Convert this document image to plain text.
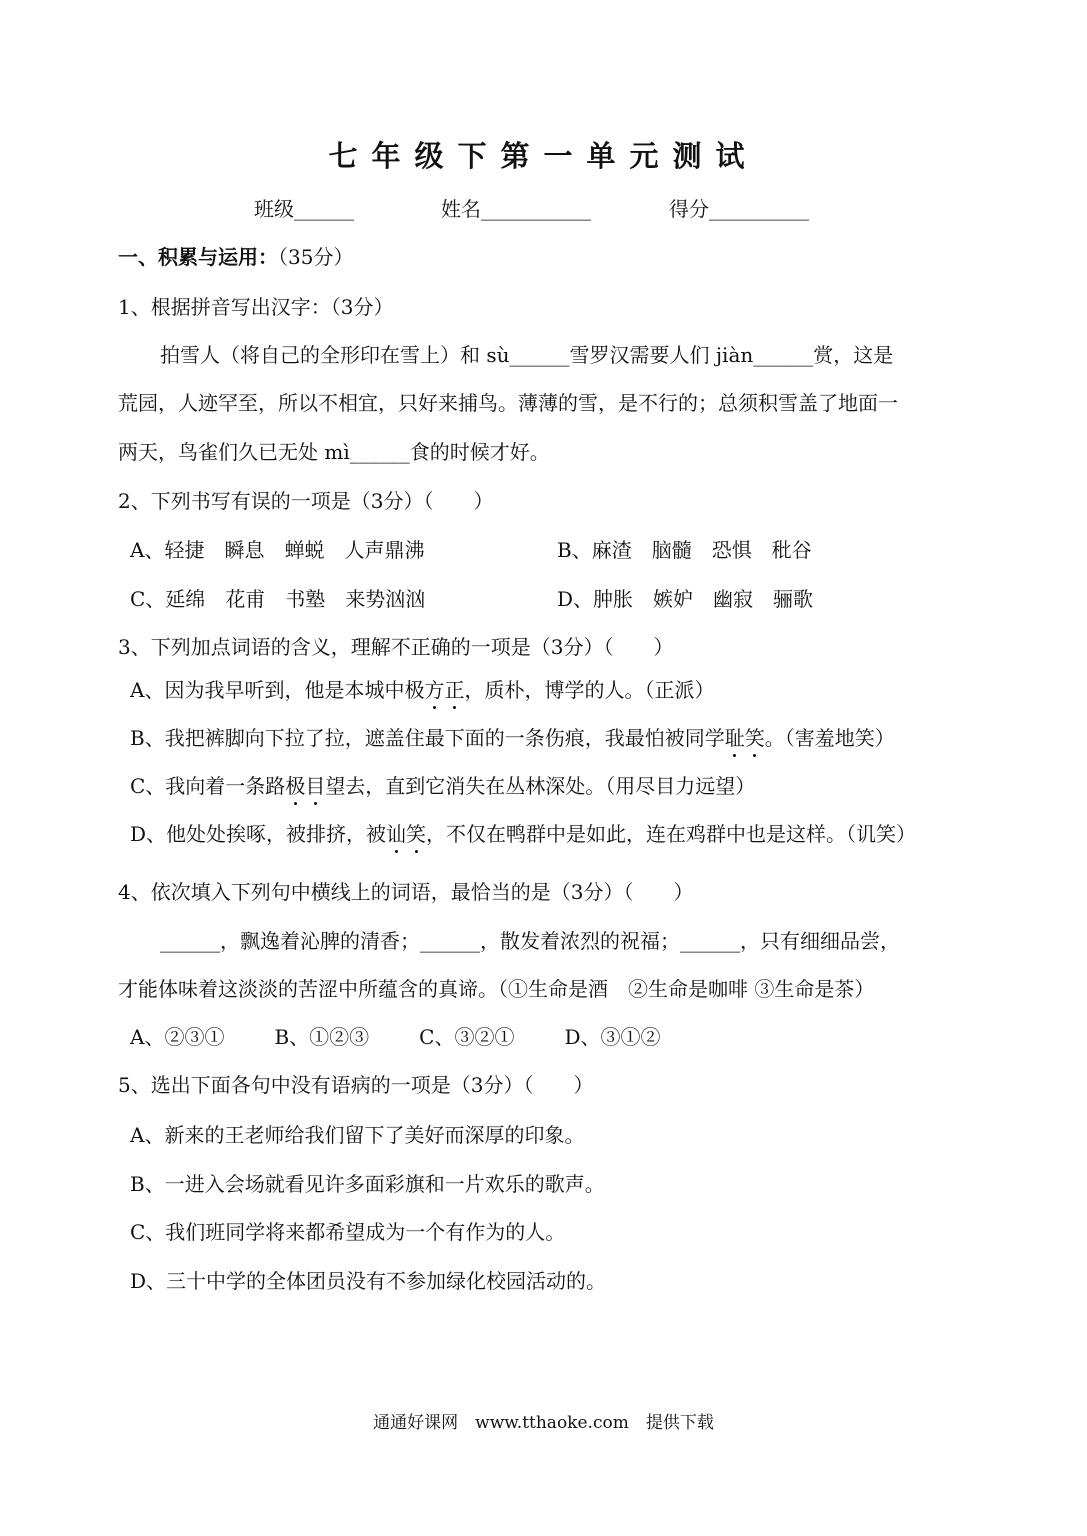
七年级下第一单元测试
班级______	姓名___________	得分__________
一、积累与运用：（35分）
1、根据拼音写出汉字：（3分）
拍雪人（将自己的全形印在雪上）和 sù______雪罗汉需要人们 jiàn______赏，这是
荒园，人迹罕至，所以不相宜，只好来捕鸟。薄薄的雪，是不行的；总须积雪盖了地面一
两天，鸟雀们久已无处 mì______食的时候才好。
2、下列书写有误的一项是（3分）（　　）
A、轻捷 瞬息 蝉蜕 人声鼎沸	B、麻渣 脑髓 恐惧 秕谷
C、延绵 花甫 书塾 来势汹汹	D、肿胀 嫉妒 幽寂 骊歌
3、下列加点词语的含义，理解不正确的一项是（3分）（　　）
A、因为我早听到，他是本城中极方正，质朴，博学的人。（正派）
B、我把裤脚向下拉了拉，遮盖住最下面的一条伤痕，我最怕被同学耻笑。（害羞地笑）
C、我向着一条路极目望去，直到它消失在丛林深处。（用尽目力远望）
D、他处处挨啄，被排挤，被讪笑，不仅在鸭群中是如此，连在鸡群中也是这样。（讥笑）
4、依次填入下列句中横线上的词语，最恰当的是（3分）（　　）
______，飘逸着沁脾的清香；______，散发着浓烈的祝福；______，只有细细品尝，
才能体味着这淡淡的苦涩中所蕴含的真谛。（①生命是酒　②生命是咖啡 ③生命是茶）
A、②③①	B、①②③	C、③②①	D、③①②
5、选出下面各句中没有语病的一项是（3分）（　　）
A、新来的王老师给我们留下了美好而深厚的印象。
B、一进入会场就看见许多面彩旗和一片欢乐的歌声。
C、我们班同学将来都希望成为一个有作为的人。
D、三十中学的全体团员没有不参加绿化校园活动的。
通通好课网　www.tthaoke.com　提供下载
